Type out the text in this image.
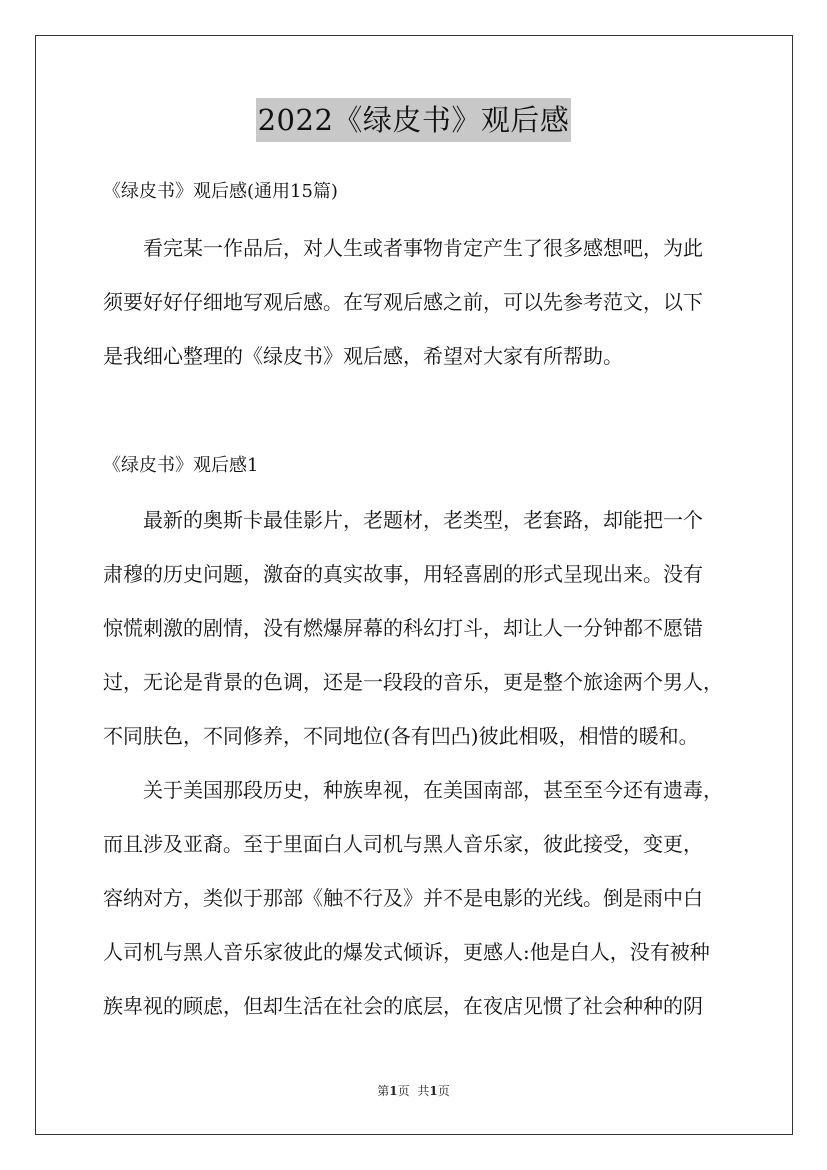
2022《绿皮书》观后感
《绿皮书》观后感(通用15篇)
看完某一作品后，对人生或者事物肯定产生了很多感想吧，为此
须要好好仔细地写观后感。在写观后感之前，可以先参考范文，以下
是我细心整理的《绿皮书》观后感，希望对大家有所帮助。
《绿皮书》观后感1
最新的奥斯卡最佳影片，老题材，老类型，老套路，却能把一个
肃穆的历史问题，激奋的真实故事，用轻喜剧的形式呈现出来。没有
惊慌刺激的剧情，没有燃爆屏幕的科幻打斗，却让人一分钟都不愿错
过，无论是背景的色调，还是一段段的音乐，更是整个旅途两个男人，
不同肤色，不同修养，不同地位(各有凹凸)彼此相吸，相惜的暖和。
关于美国那段历史，种族卑视，在美国南部，甚至至今还有遗毒，
而且涉及亚裔。至于里面白人司机与黑人音乐家，彼此接受，变更，
容纳对方，类似于那部《触不行及》并不是电影的光线。倒是雨中白
人司机与黑人音乐家彼此的爆发式倾诉，更感人:他是白人，没有被种
族卑视的顾虑，但却生活在社会的底层，在夜店见惯了社会种种的阴
第1页 共1页
